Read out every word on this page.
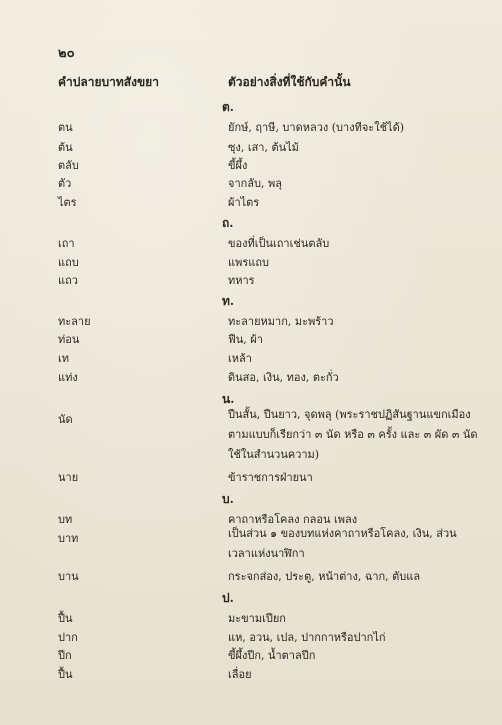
๒๐
คำปลายบาทสังขยา	ตัวอย่างสิ่งที่ใช้กับคำนั้น
ต.
ตน	ยักษ์, ฤาษี, บาดหลวง (บางทีจะใช้ได้)
ต้น	ซุง, เสา, ต้นไม้
ตลับ	ขี้ผึ้ง
ตัว	จากลับ, พลุ
ไตร	ผ้าไตร
ถ.
เถา	ของที่เป็นเถาเช่นตลับ
แถบ	แพรแถบ
แถว	ทหาร
ท.
ทะลาย	ทะลายหมาก, มะพร้าว
ท่อน	ฟืน, ผ้า
เท	เหล้า
แท่ง	ดินสอ, เงิน, ทอง, ตะกั่ว
น.
นัด	ปืนสั้น, ปืนยาว, จุดพลุ (พระราชปฏิสันฐานแขกเมือง ตามแบบก็เรียกว่า ๓ นัด หรือ ๓ ครั้ง และ ๓ ผัด ๓ นัด ใช้ในสำนวนความ)
นาย	ข้าราชการฝ่ายนา
บ.
บท	คาถาหรือโคลง กลอน เพลง
บาท	เป็นส่วน ๑ ของบทแห่งคาถาหรือโคลง, เงิน, ส่วนเวลาแห่งนาฬิกา
บาน	กระจกส่อง, ประตู, หน้าต่าง, ฉาก, ตับแล
ป.
ปื้น	มะขามเปียก
ปาก	แห, อวน, เปล, ปากกาหรือปากไก่
ปีก	ขี้ผึ้งปีก, น้ำตาลปีก
ปื้น	เลื่อย
